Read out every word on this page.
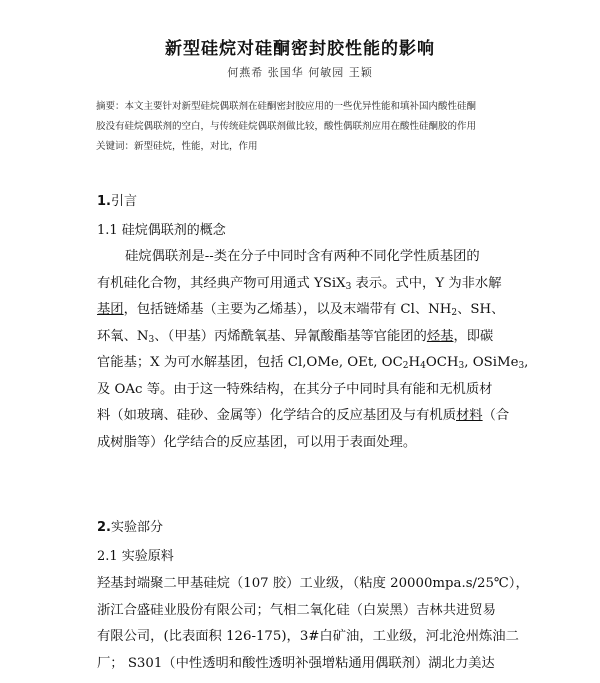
新型硅烷对硅酮密封胶性能的影响
何燕希 张国华 何敏园 王颖
摘要：本文主要针对新型硅烷偶联剂在硅酮密封胶应用的一些优异性能和填补国内酸性硅酮
胶没有硅烷偶联剂的空白，与传统硅烷偶联剂做比较，酸性偶联剂应用在酸性硅酮胶的作用
关键词：新型硅烷，性能，对比，作用
1.引言
1.1 硅烷偶联剂的概念
硅烷偶联剂是--类在分子中同时含有两种不同化学性质基团的
有机硅化合物，其经典产物可用通式 YSiX$_3$ 表示。式中，Y 为非水解
基团，包括链烯基（主要为乙烯基），以及末端带有 Cl、$NH_2$、SH、
环氧、$N_3$、（甲基）丙烯酰氧基、异氰酸酯基等官能团的烃基，即碳
官能基；X 为可水解基团，包括 Cl,OMe, OEt, $OC_2H_4OCH_3$, OSiMe$_3$,
及 OAc 等。由于这一特殊结构，在其分子中同时具有能和无机质材
料（如玻璃、硅砂、金属等）化学结合的反应基团及与有机质材料（合
成树脂等）化学结合的反应基团，可以用于表面处理。
2.实验部分
2.1 实验原料
羟基封端聚二甲基硅烷（107 胶）工业级，（粘度 20000mpa.s/25℃），
浙江合盛硅业股份有限公司；气相二氧化硅（白炭黑）吉林共进贸易
有限公司，(比表面积 126-175)，3#白矿油，工业级，河北沧州炼油二
厂； S301（中性透明和酸性透明补强增粘通用偶联剂）湖北力美达
